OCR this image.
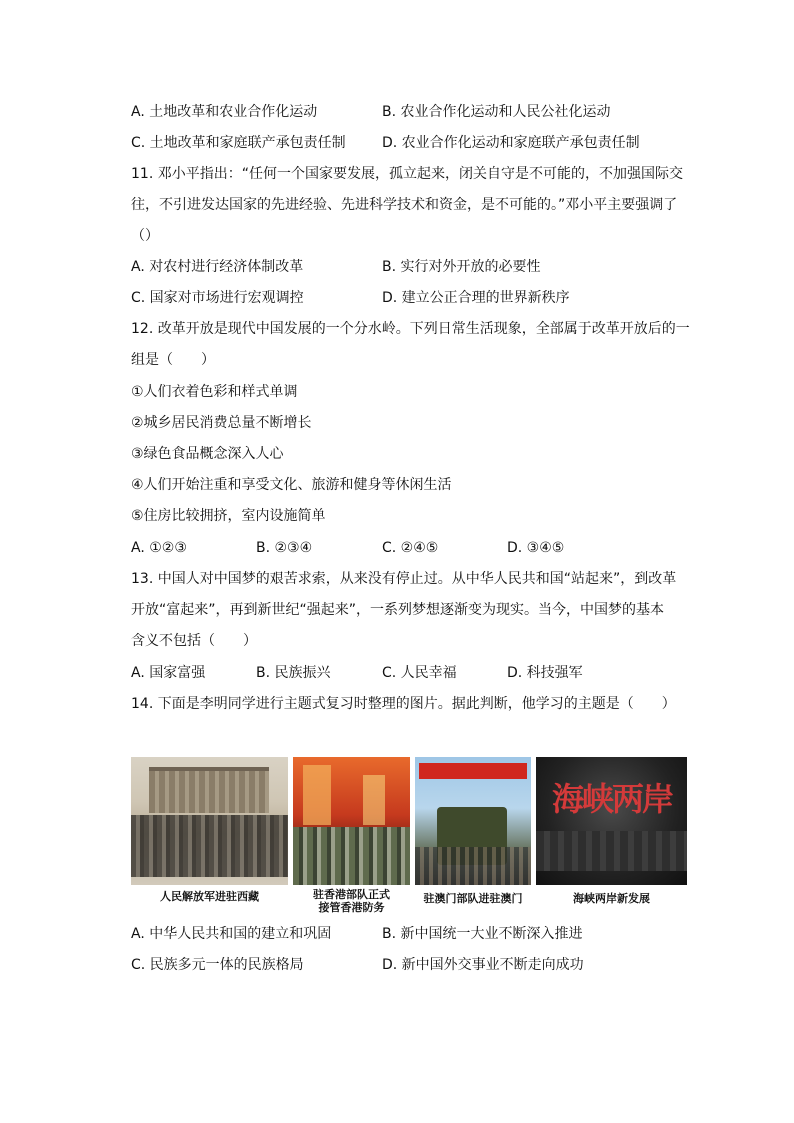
A. 土地改革和农业合作化运动	B. 农业合作化运动和人民公社化运动
C. 土地改革和家庭联产承包责任制	D. 农业合作化运动和家庭联产承包责任制
11. 邓小平指出：“任何一个国家要发展，孤立起来，闭关自守是不可能的，不加强国际交
往，不引进发达国家的先进经验、先进科学技术和资金，是不可能的。”邓小平主要强调了
（）
A. 对农村进行经济体制改革	B. 实行对外开放的必要性
C. 国家对市场进行宏观调控	D. 建立公正合理的世界新秩序
12. 改革开放是现代中国发展的一个分水岭。下列日常生活现象，全部属于改革开放后的一
组是（　　）
①人们衣着色彩和样式单调
②城乡居民消费总量不断增长
③绿色食品概念深入人心
④人们开始注重和享受文化、旅游和健身等休闲生活
⑤住房比较拥挤，室内设施简单
A. ①②③	B. ②③④	C. ②④⑤	D. ③④⑤
13. 中国人对中国梦的艰苦求索，从来没有停止过。从中华人民共和国“站起来”，到改革
开放“富起来”，再到新世纪“强起来”，一系列梦想逐渐变为现实。当今，中国梦的基本
含义不包括（　　）
A. 国家富强	B. 民族振兴	C. 人民幸福	D. 科技强军
14. 下面是李明同学进行主题式复习时整理的图片。据此判断，他学习的主题是（　　）
人民解放军进驻西藏	驻香港部队正式
接管香港防务
驻澳门部队进驻澳门
海峡两岸
海峡两岸新发展
A. 中华人民共和国的建立和巩固	B. 新中国统一大业不断深入推进
C. 民族多元一体的民族格局	D. 新中国外交事业不断走向成功
